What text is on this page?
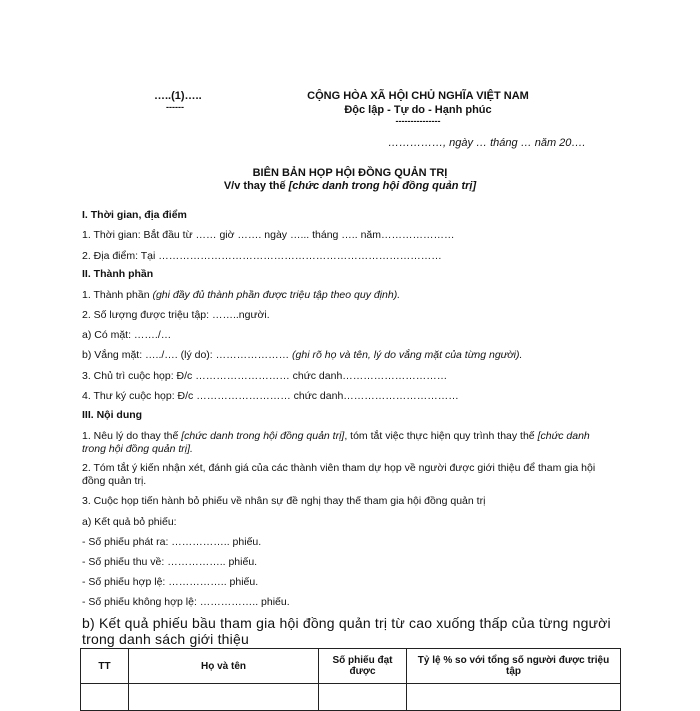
…..(1)…..
------
CỘNG HÒA XÃ HỘI CHỦ NGHĨA VIỆT NAM
Độc lập - Tự do - Hạnh phúc
---------------
……………, ngày … tháng … năm 20….
BIÊN BẢN HỌP HỘI ĐỒNG QUẢN TRỊ
V/v thay thế [chức danh trong hội đồng quản trị]
I. Thời gian, địa điểm
1. Thời gian: Bắt đầu từ …… giờ ……. ngày …... tháng ….. năm…………………
2. Địa điểm: Tại ………………………………………………………………………
II. Thành phần
1. Thành phần (ghi đầy đủ thành phần được triệu tập theo quy định).
2. Số lượng được triệu tập: ……..người.
a) Có mặt: ……./…
b) Vắng mặt: …../…. (lý do): ………………… (ghi rõ họ và tên, lý do vắng mặt của từng người).
3. Chủ trì cuộc họp: Đ/c ……………………… chức danh…………………………
4. Thư ký cuộc họp: Đ/c ……………………… chức danh……………………………
III. Nội dung
1. Nêu lý do thay thế [chức danh trong hội đồng quản trị], tóm tắt việc thực hiện quy trình thay thế [chức danh trong hội đồng quản trị].
2. Tóm tắt ý kiến nhận xét, đánh giá của các thành viên tham dự họp về người được giới thiệu để tham gia hội đồng quản trị.
3. Cuộc họp tiến hành bỏ phiếu về nhân sự đề nghị thay thế tham gia hội đồng quản trị
a) Kết quả bỏ phiếu:
- Số phiếu phát ra: …………….. phiếu.
- Số phiếu thu về: …………….. phiếu.
- Số phiếu hợp lệ: …………….. phiếu.
- Số phiếu không hợp lệ: …………….. phiếu.
b) Kết quả phiếu bầu tham gia hội đồng quản trị từ cao xuống thấp của từng người trong danh sách giới thiệu
TT	Họ và tên	Số phiếu đạt được	Tỷ lệ % so với tổng số người được triệu tập
